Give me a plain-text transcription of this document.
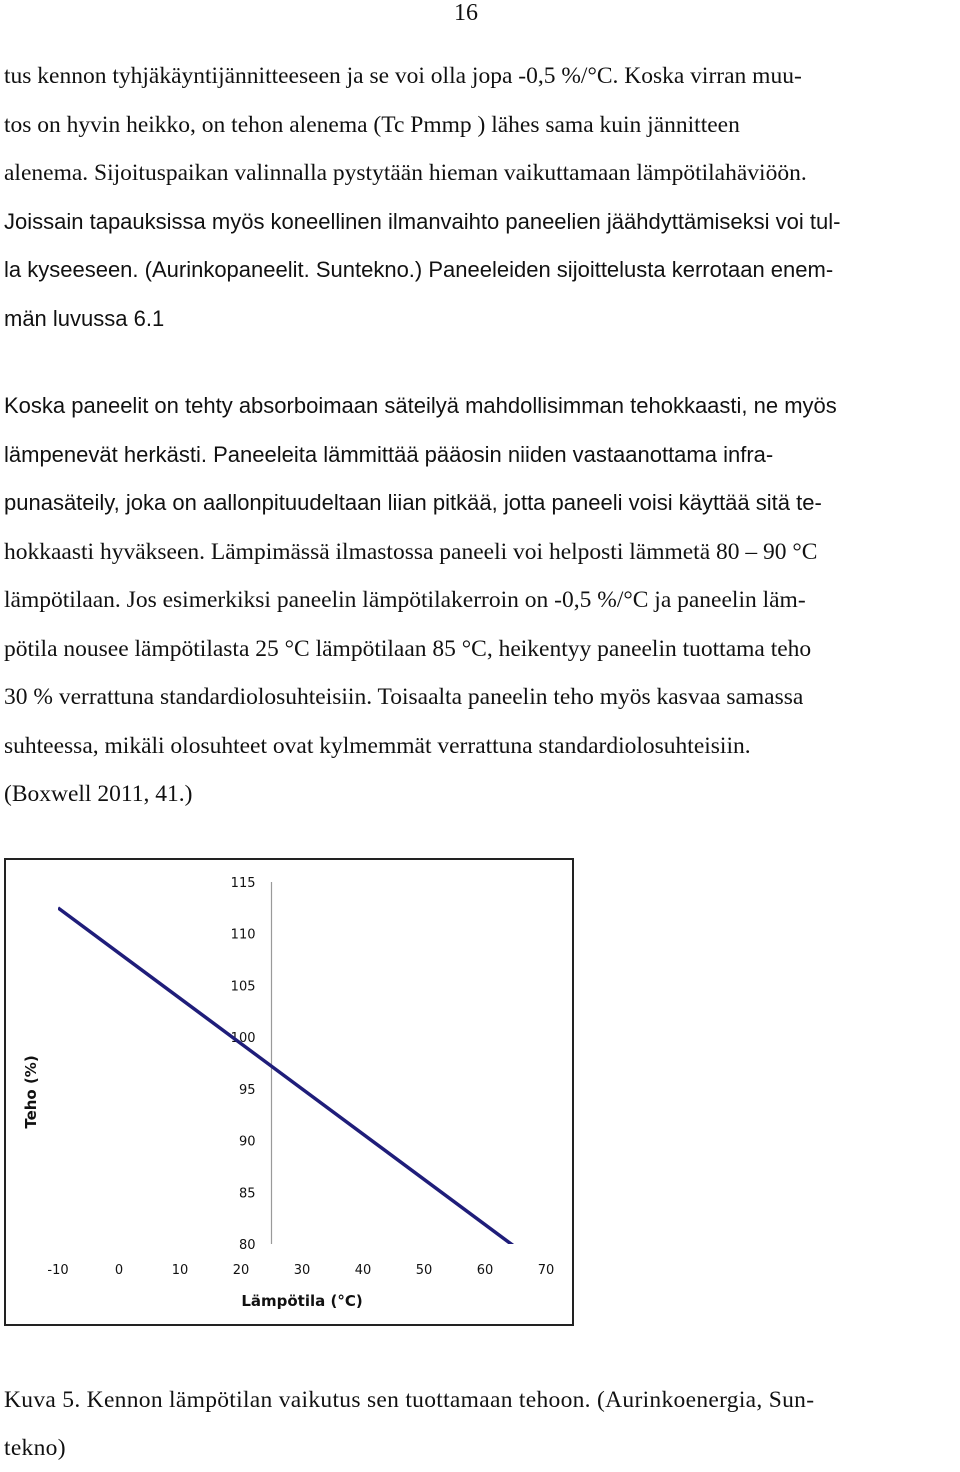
16
tus kennon tyhjäkäyntijännitteeseen ja se voi olla jopa -0,5 %/°C. Koska virran muu-
tos on hyvin heikko, on tehon alenema (Tc Pmmp ) lähes sama kuin jännitteen
alenema. Sijoituspaikan valinnalla pystytään hieman vaikuttamaan lämpötilahäviöön.
Joissain tapauksissa myös koneellinen ilmanvaihto paneelien jäähdyttämiseksi voi tul-
la kyseeseen. (Aurinkopaneelit. Suntekno.) Paneeleiden sijoittelusta kerrotaan enem-
män luvussa 6.1
Koska paneelit on tehty absorboimaan säteilyä mahdollisimman tehokkaasti, ne myös
lämpenevät herkästi. Paneeleita lämmittää pääosin niiden vastaanottama infra-
punasäteily, joka on aallonpituudeltaan liian pitkää, jotta paneeli voisi käyttää sitä te-
hokkaasti hyväkseen. Lämpimässä ilmastossa paneeli voi helposti lämmetä 80 – 90 °C
lämpötilaan. Jos esimerkiksi paneelin lämpötilakerroin on -0,5 %/°C ja paneelin läm-
pötila nousee lämpötilasta 25 °C lämpötilaan 85 °C, heikentyy paneelin tuottama teho
30 % verrattuna standardiolosuhteisiin. Toisaalta paneelin teho myös kasvaa samassa
suhteessa, mikäli olosuhteet ovat kylmemmät verrattuna standardiolosuhteisiin.
(Boxwell 2011, 41.)
80
85
90
95
100
105
110
115
-10	0	10	20	30	40	50	60	70
Teho (%)
Lämpötila (°C)
Kuva 5. Kennon lämpötilan vaikutus sen tuottamaan tehoon. (Aurinkoenergia, Sun-
tekno)
